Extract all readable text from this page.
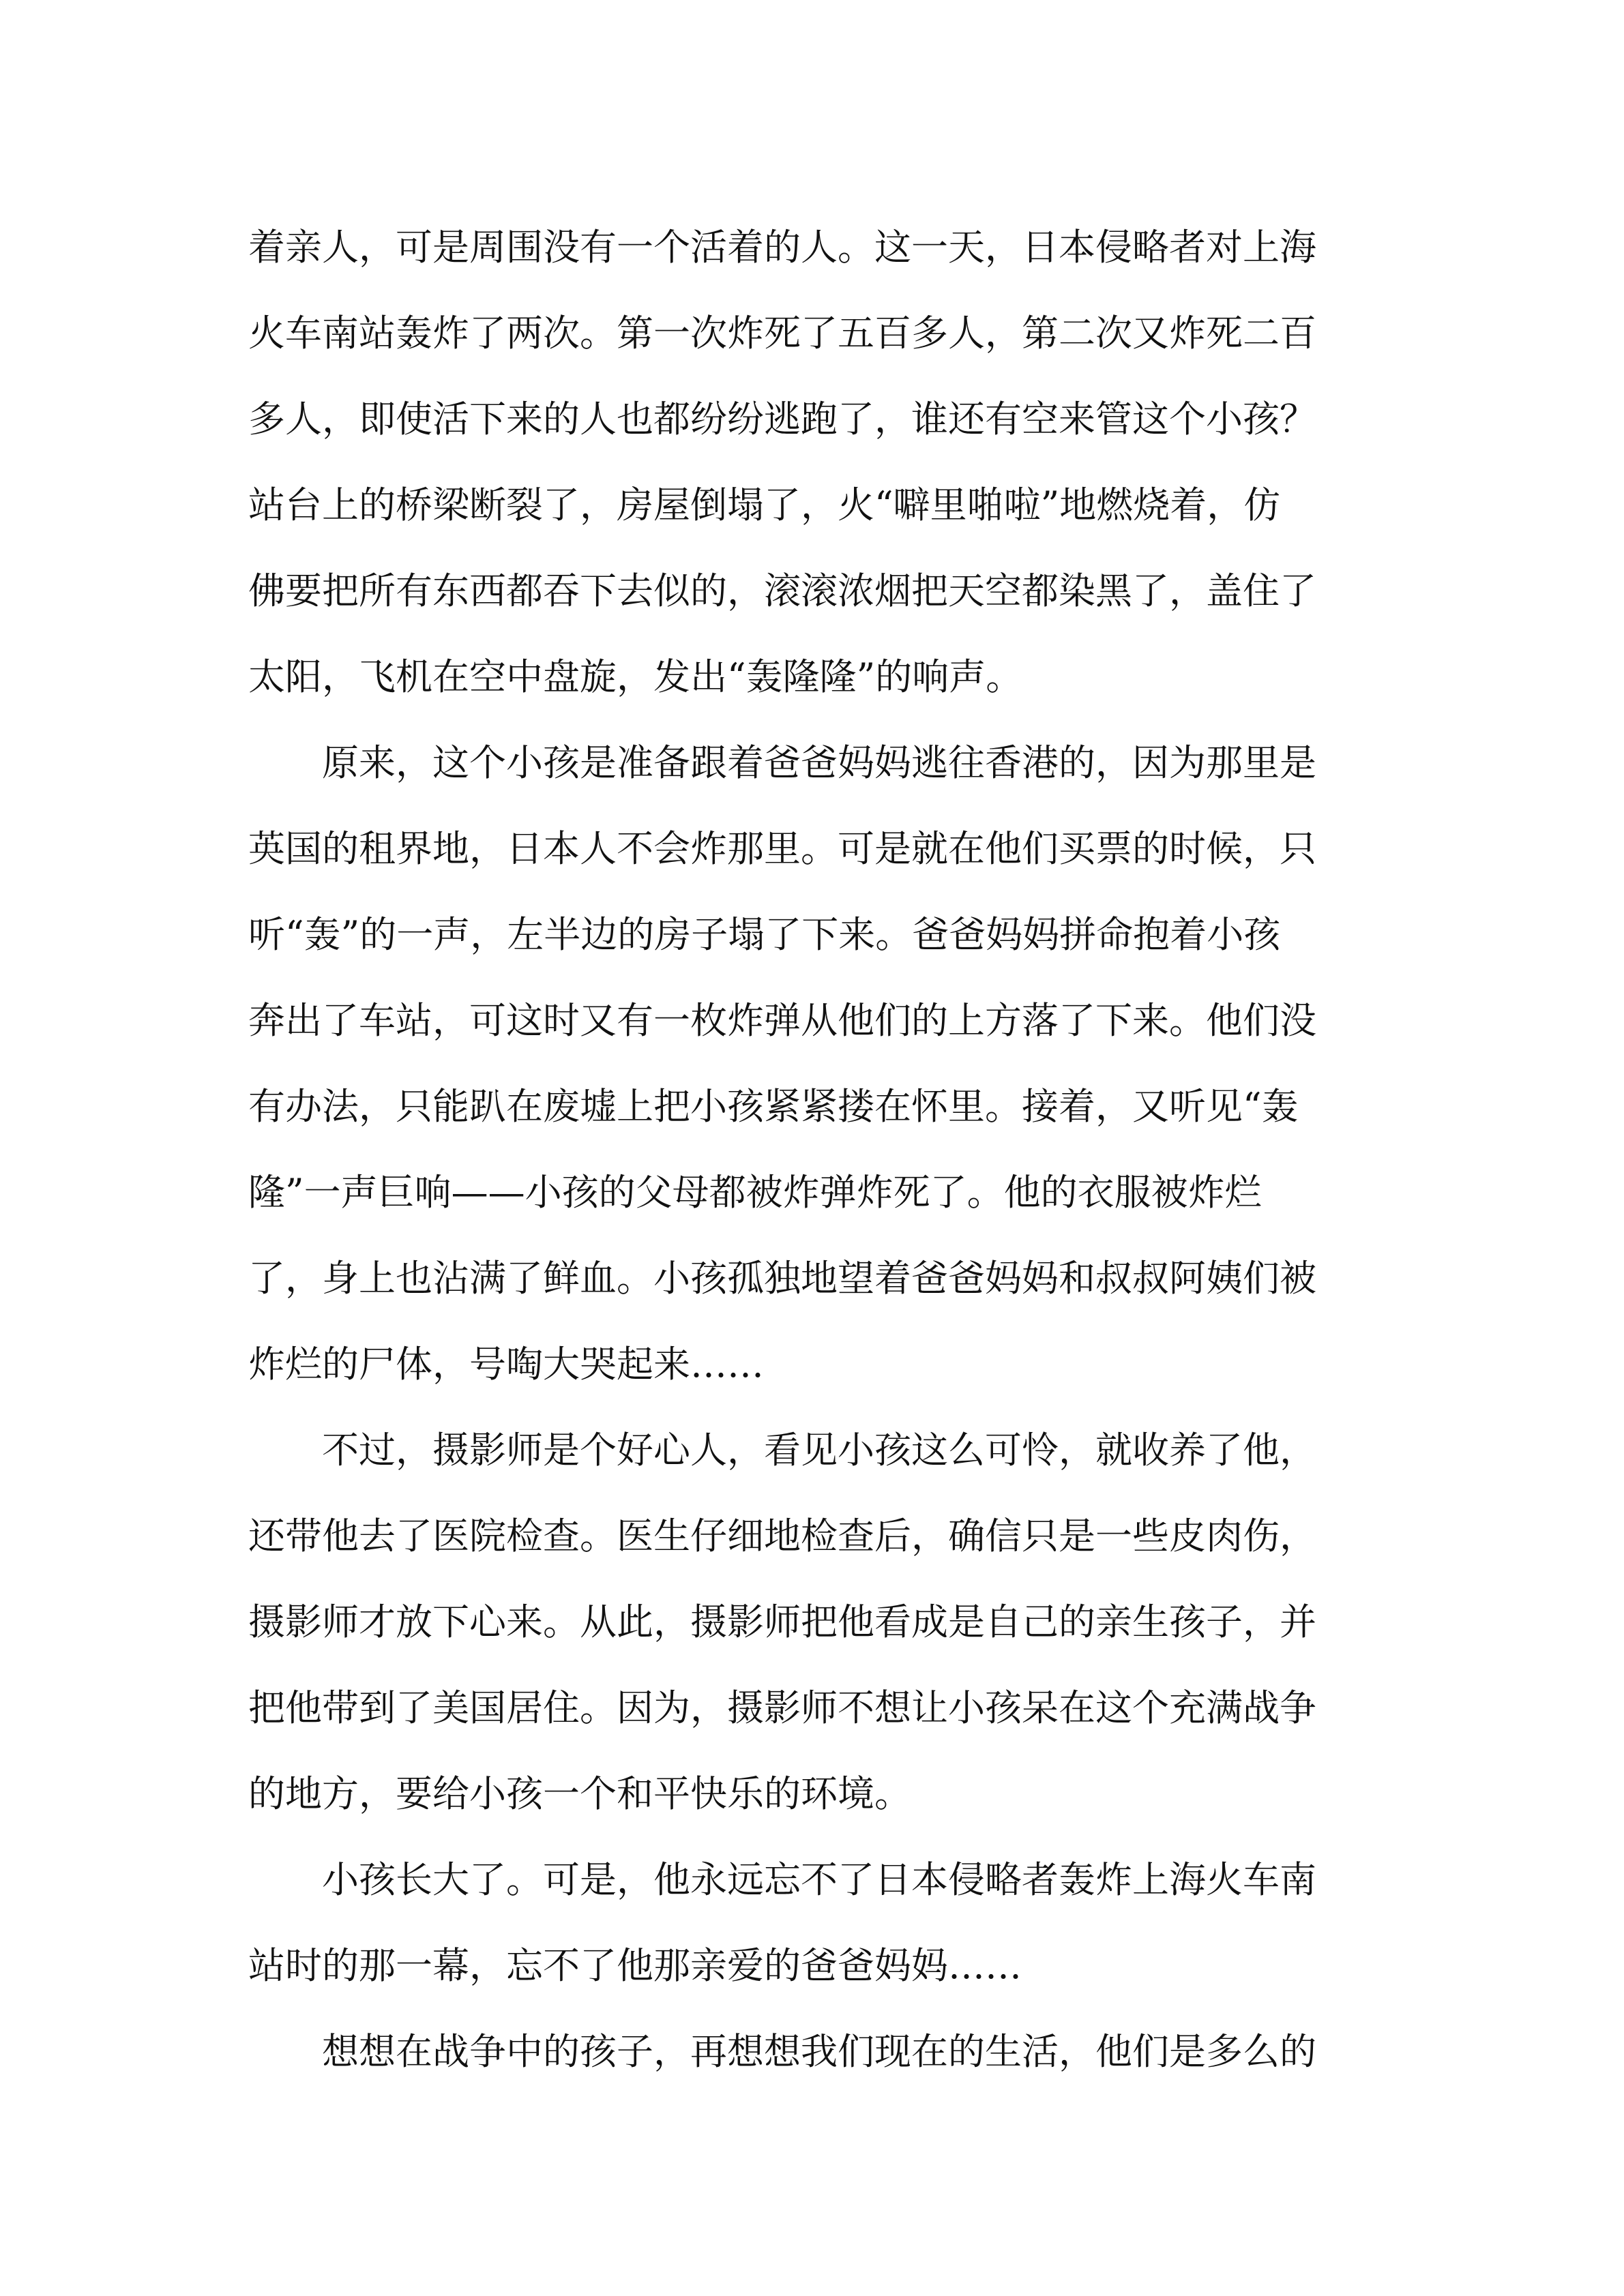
着亲人，可是周围没有一个活着的人。这一天，日本侵略者对上海
火车南站轰炸了两次。第一次炸死了五百多人，第二次又炸死二百
多人，即使活下来的人也都纷纷逃跑了，谁还有空来管这个小孩？
站台上的桥梁断裂了，房屋倒塌了，火“噼里啪啦”地燃烧着，仿
佛要把所有东西都吞下去似的，滚滚浓烟把天空都染黑了，盖住了
太阳，飞机在空中盘旋，发出“轰隆隆”的响声。
原来，这个小孩是准备跟着爸爸妈妈逃往香港的，因为那里是
英国的租界地，日本人不会炸那里。可是就在他们买票的时候，只
听“轰”的一声，左半边的房子塌了下来。爸爸妈妈拼命抱着小孩
奔出了车站，可这时又有一枚炸弹从他们的上方落了下来。他们没
有办法，只能趴在废墟上把小孩紧紧搂在怀里。接着，又听见“轰
隆”一声巨响——小孩的父母都被炸弹炸死了。他的衣服被炸烂
了，身上也沾满了鲜血。小孩孤独地望着爸爸妈妈和叔叔阿姨们被
炸烂的尸体，号啕大哭起来……
不过，摄影师是个好心人，看见小孩这么可怜，就收养了他，
还带他去了医院检查。医生仔细地检查后，确信只是一些皮肉伤，
摄影师才放下心来。从此，摄影师把他看成是自己的亲生孩子，并
把他带到了美国居住。因为，摄影师不想让小孩呆在这个充满战争
的地方，要给小孩一个和平快乐的环境。
小孩长大了。可是，他永远忘不了日本侵略者轰炸上海火车南
站时的那一幕，忘不了他那亲爱的爸爸妈妈……
想想在战争中的孩子，再想想我们现在的生活，他们是多么的
